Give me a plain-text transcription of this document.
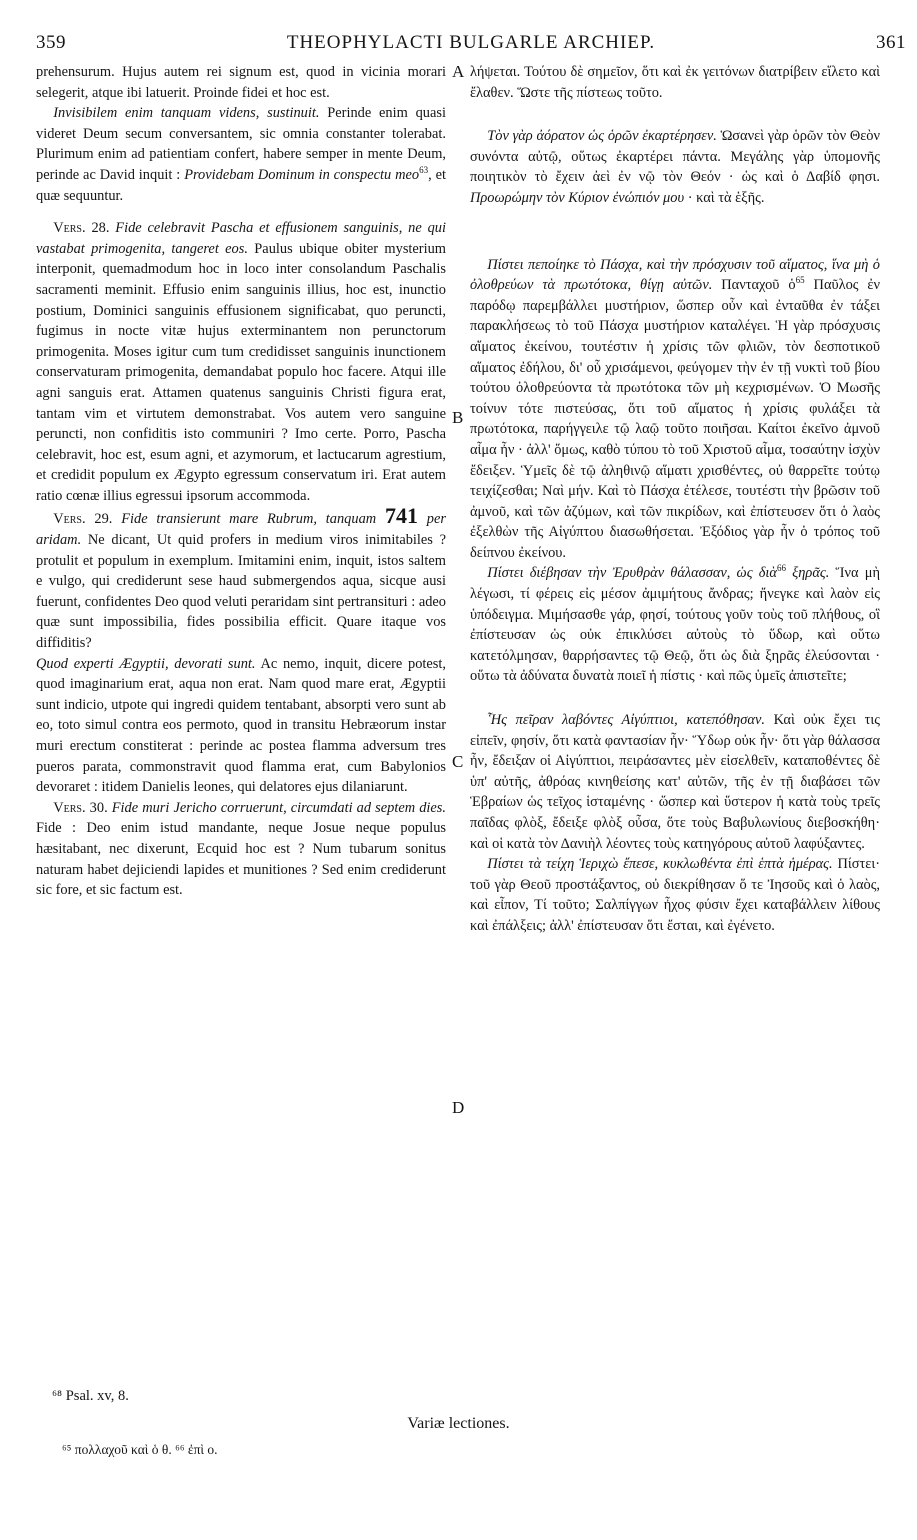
359	THEOPHYLACTI BULGARLE ARCHIEP.	361
A
B
C
D

prehensurum. Hujus autem rei signum est, quod in vicinia morari selegerit, atque ibi latuerit. Proinde fidei et hoc est.

Invisibilem enim tanquam videns, sustinuit. Perinde enim quasi videret Deum secum conversantem, sic omnia constanter tolerabat. Plurimum enim ad patientiam confert, habere semper in mente Deum, perinde ac David inquit : Providebam Dominum in conspectu meo$^{63}$, et quæ sequuntur.

Vers. 28. Fide celebravit Pascha et effusionem sanguinis, ne qui vastabat primogenita, tangeret eos. Paulus ubique obiter mysterium interponit, quemadmodum hoc in loco inter consolandum Paschalis sacramenti meminit. Effusio enim sanguinis illius, hoc est, inunctio postium, Dominici sanguinis effusionem significabat, quo peruncti, fugimus in nocte vitæ hujus exterminantem non perunctorum primogenita. Moses igitur cum tum credidisset sanguinis inunctionem conservaturam primogenita, demandabat populo hoc facere. Atqui ille agni sanguis erat. Attamen quatenus sanguinis Christi figura erat, tantam vim et virtutem demonstrabat. Vos autem vero sanguine peruncti, non confiditis isto communiri ? Imo certe. Porro, Pascha celebravit, hoc est, esum agni, et azymorum, et lactucarum agrestium, et credidit populum ex Ægypto egressum conservatum iri. Erat autem ratio cœnæ illius egressui ipsorum accommoda.

Vers. 29. Fide transierunt mare Rubrum, tanquam 741 per aridam. Ne dicant, Ut quid profers in medium viros inimitabiles ? protulit et populum in exemplum. Imitamini enim, inquit, istos saltem e vulgo, qui crediderunt sese haud submergendos aqua, sicque ausi fuerunt, confidentes Deo quod veluti peraridam sint pertransituri : adeo quæ sunt impossibilia, fides possibilia efficit. Quare itaque vos diffiditis?

Quod experti Ægyptii, devorati sunt. Ac nemo, inquit, dicere potest, quod imaginarium erat, aqua non erat. Nam quod mare erat, Ægyptii sunt indicio, utpote qui ingredi quidem tentabant, absorpti vero sunt ab eo, toto simul contra eos permoto, quod in transitu Hebræorum instar muri erectum constiterat : perinde ac postea flamma adversum tres pueros parata, commonstravit quod flamma erat, cum Babylonios devoraret : itidem Danielis leones, qui delatores ejus dilaniarunt.

Vers. 30. Fide muri Jericho corruerunt, circumdati ad septem dies. Fide : Deo enim istud mandante, neque Josue neque populus hæsitabant, nec dixerunt, Ecquid hoc est ? Num tubarum sonitus naturam habet dejiciendi lapides et munitiones ? Sed enim crediderunt sic fore, et sic factum est.

λήψεται. Τούτου δὲ σημεῖον, ὅτι καὶ ἐκ γειτόνων διατρίβειν εἵλετο καὶ ἔλαθεν. Ὥστε τῆς πίστεως τοῦτο.

Τὸν γὰρ ἀόρατον ὡς ὁρῶν ἐκαρτέρησεν. Ὡσανεὶ γὰρ ὁρῶν τὸν Θεὸν συνόντα αὐτῷ, οὕτως ἐκαρτέρει πάντα. Μεγάλης γὰρ ὑπομονῆς ποιητικὸν τὸ ἔχειν ἀεὶ ἐν νῷ τὸν Θεόν · ὡς καὶ ὁ Δαβίδ φησι. Προωρώμην τὸν Κύριον ἐνώπιόν μου · καὶ τὰ ἑξῆς.

Πίστει πεποίηκε τὸ Πάσχα, καὶ τὴν πρόσχυσιν τοῦ αἵματος, ἵνα μὴ ὁ ὀλοθρεύων τὰ πρωτότοκα, θίγῃ αὐτῶν. Πανταχοῦ ὁ$^{65}$ Παῦλος ἐν παρόδῳ παρεμβάλλει μυστήριον, ὥσπερ οὖν καὶ ἐνταῦθα ἐν τάξει παρακλήσεως τὸ τοῦ Πάσχα μυστήριον καταλέγει. Ἡ γὰρ πρόσχυσις αἵματος ἐκείνου, τουτέστιν ἡ χρίσις τῶν φλιῶν, τὸν δεσποτικοῦ αἵματος ἐδήλου, δι' οὗ χρισάμενοι, φεύγομεν τὴν ἐν τῇ νυκτὶ τοῦ βίου τούτου ὀλοθρεύοντα τὰ πρωτότοκα τῶν μὴ κεχρισμένων. Ὁ Μωσῆς τοίνυν τότε πιστεύσας, ὅτι τοῦ αἵματος ἡ χρίσις φυλάξει τὰ πρωτότοκα, παρήγγειλε τῷ λαῷ τοῦτο ποιῆσαι. Καίτοι ἐκεῖνο ἀμνοῦ αἷμα ἦν · ἀλλ' ὅμως, καθὸ τύπου τὸ τοῦ Χριστοῦ αἷμα, τοσαύτην ἰσχὺν ἔδειξεν. Ὑμεῖς δὲ τῷ ἀληθινῷ αἵματι χρισθέντες, οὐ θαρρεῖτε τούτῳ τειχίζεσθαι; Ναὶ μήν. Καὶ τὸ Πάσχα ἐτέλεσε, τουτέστι τὴν βρῶσιν τοῦ ἀμνοῦ, καὶ τῶν ἀζύμων, καὶ τῶν πικρίδων, καὶ ἐπίστευσεν ὅτι ὁ λαὸς ἐξελθὼν τῆς Αἰγύπτου διασωθήσεται. Ἐξόδιος γὰρ ἦν ὁ τρόπος τοῦ δείπνου ἐκείνου.

Πίστει διέβησαν τὴν Ἐρυθρὰν θάλασσαν, ὡς διὰ$^{66}$ ξηρᾶς. Ἵνα μὴ λέγωσι, τί φέρεις εἰς μέσον ἀμιμήτους ἄνδρας; ἤνεγκε καὶ λαὸν εἰς ὑπόδειγμα. Μιμήσασθε γάρ, φησί, τούτους γοῦν τοὺς τοῦ πλήθους, οἳ ἐπίστευσαν ὡς οὐκ ἐπικλύσει αὐτοὺς τὸ ὕδωρ, καὶ οὕτω κατετόλμησαν, θαρρήσαντες τῷ Θεῷ, ὅτι ὡς διὰ ξηρᾶς ἐλεύσονται · οὕτω τὰ ἀδύνατα δυνατὰ ποιεῖ ἡ πίστις · καὶ πῶς ὑμεῖς ἀπιστεῖτε;

Ἧς πεῖραν λαβόντες Αἰγύπτιοι, κατεπόθησαν. Καὶ οὐκ ἔχει τις εἰπεῖν, φησίν, ὅτι κατὰ φαντασίαν ἦν· Ὕδωρ οὐκ ἦν· ὅτι γὰρ θάλασσα ἦν, ἔδειξαν οἱ Αἰγύπτιοι, πειράσαντες μὲν εἰσελθεῖν, καταποθέντες δὲ ὑπ' αὐτῆς, ἀθρόας κινηθείσης κατ' αὐτῶν, τῆς ἐν τῇ διαβάσει τῶν Ἑβραίων ὡς τεῖχος ἱσταμένης · ὥσπερ καὶ ὕστερον ἡ κατὰ τοὺς τρεῖς παῖδας φλὸξ, ἔδειξε φλὸξ οὖσα, ὅτε τοὺς Βαβυλωνίους διεβοσκήθη· καὶ οἱ κατὰ τὸν Δανιὴλ λέοντες τοὺς κατηγόρους αὐτοῦ λαφύξαντες.

Πίστει τὰ τείχη Ἱεριχὼ ἔπεσε, κυκλωθέντα ἐπὶ ἑπτὰ ἡμέρας. Πίστει· τοῦ γὰρ Θεοῦ προστάξαντος, οὐ διεκρίθησαν ὅ τε Ἰησοῦς καὶ ὁ λαὸς, καὶ εἶπον, Τί τοῦτο; Σαλπίγγων ἦχος φύσιν ἔχει καταβάλλειν λίθους καὶ ἐπάλξεις; ἀλλ' ἐπίστευσαν ὅτι ἔσται, καὶ ἐγένετο.

⁶⁸ Psal. xv, 8.
Variæ lectiones.
⁶⁵ πολλαχοῦ καὶ ὁ θ. ⁶⁶ ἐπὶ ο.
